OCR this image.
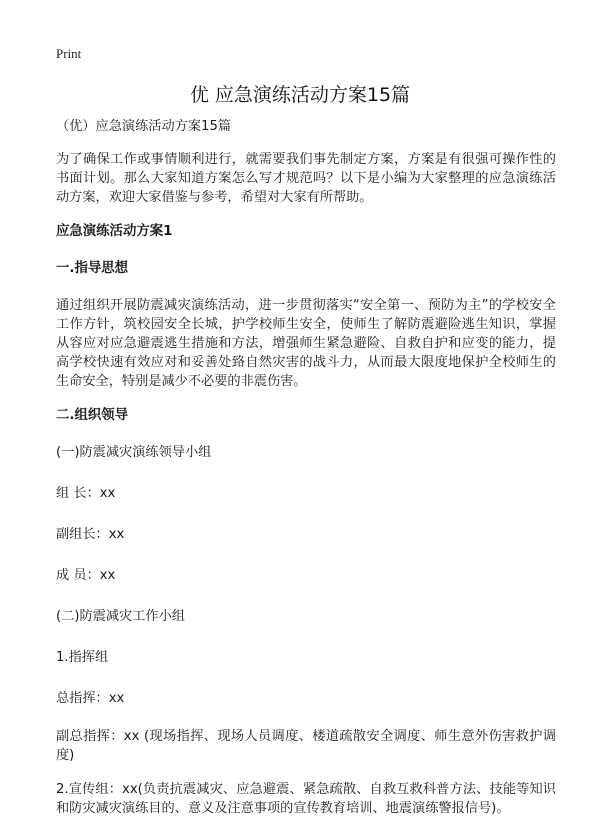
Print
优 应急演练活动方案15篇

（优）应急演练活动方案15篇

为了确保工作或事情顺利进行，就需要我们事先制定方案，方案是有很强可操作性的书面计划。那么大家知道方案怎么写才规范吗？以下是小编为大家整理的应急演练活动方案，欢迎大家借鉴与参考，希望对大家有所帮助。

应急演练活动方案1

一.指导思想

通过组织开展防震减灾演练活动，进一步贯彻落实“安全第一、预防为主”的学校安全工作方针，筑校园安全长城，护学校师生安全，使师生了解防震避险逃生知识，掌握从容应对应急避震逃生措施和方法，增强师生紧急避险、自救自护和应变的能力，提高学校快速有效应对和妥善处臵自然灾害的战斗力，从而最大限度地保护全校师生的生命安全，特别是减少不必要的非震伤害。

二.组织领导

(一)防震减灾演练领导小组

组 长：xx

副组长：xx

成 员：xx

(二)防震减灾工作小组

1.指挥组

总指挥：xx

副总指挥：xx (现场指挥、现场人员调度、楼道疏散安全调度、师生意外伤害救护调度)

2.宣传组：xx(负责抗震减灾、应急避震、紧急疏散、自救互救科普方法、技能等知识和防灾减灾演练目的、意义及注意事项的宣传教育培训、地震演练警报信号)。
